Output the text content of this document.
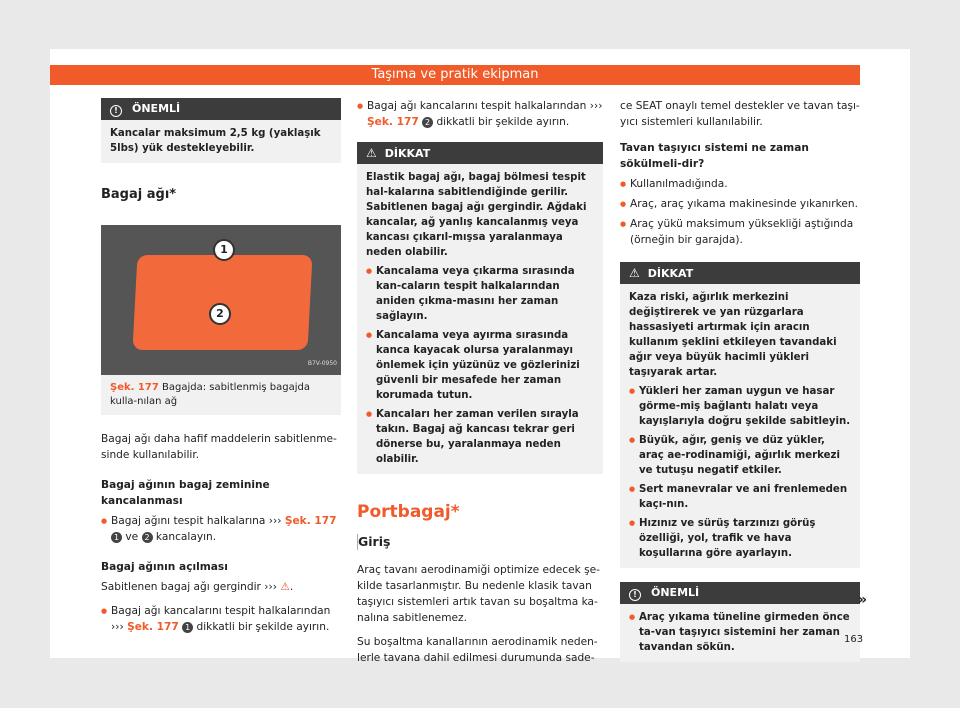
Taşıma ve pratik ekipman
! ÖNEMLİ
Kancalar maksimum 2,5 kg (yaklaşık 5lbs) yük destekleyebilir.
Bagaj ağı*
1
2
B7V-0950
Şek. 177 Bagajda: sabitlenmiş bagajda kulla-nılan ağ

Bagaj ağı daha hafif maddelerin sabitlenme-sinde kullanılabilir.

Bagaj ağının bagaj zeminine kancalanması
● Bagaj ağını tespit halkalarına ››› Şek. 177 1 ve 2 kancalayın.
Bagaj ağının açılması

Sabitlenen bagaj ağı gergindir ››› ⚠.

● Bagaj ağı kancalarını tespit halkalarından ››› Şek. 177 1 dikkatli bir şekilde ayırın.
● Bagaj ağı kancalarını tespit halkalarından ››› Şek. 177 2 dikkatli bir şekilde ayırın.
⚠ DİKKAT

Elastik bagaj ağı, bagaj bölmesi tespit hal-kalarına sabitlendiğinde gerilir. Sabitlenen bagaj ağı gergindir. Ağdaki kancalar, ağ yanlış kancalanmış veya kancası çıkarıl-mışsa yaralanmaya neden olabilir.

● Kancalama veya çıkarma sırasında kan-caların tespit halkalarından aniden çıkma-masını her zaman sağlayın.
● Kancalama veya ayırma sırasında kanca kayacak olursa yaralanmayı önlemek için yüzünüz ve gözlerinizi güvenli bir mesafede her zaman korumada tutun.
● Kancaları her zaman verilen sırayla takın. Bagaj ağ kancası tekrar geri dönerse bu, yaralanmaya neden olabilir.
Portbagaj*
Giriş

Araç tavanı aerodinamiği optimize edecek şe-kilde tasarlanmıştır. Bu nedenle klasik tavan taşıyıcı sistemleri artık tavan su boşaltma ka-nalına sabitlenemez.

Su boşaltma kanallarının aerodinamik neden-lerle tavana dahil edilmesi durumunda sade-

ce SEAT onaylı temel destekler ve tavan taşı-yıcı sistemleri kullanılabilir.

Tavan taşıyıcı sistemi ne zaman sökülmeli-dir?
● Kullanılmadığında.
● Araç, araç yıkama makinesinde yıkanırken.
● Araç yükü maksimum yüksekliği aştığında (örneğin bir garajda).
⚠ DİKKAT

Kaza riski, ağırlık merkezini değiştirerek ve yan rüzgarlara hassasiyeti artırmak için aracın kullanım şeklini etkileyen tavandaki ağır veya büyük hacimli yükleri taşıyarak artar.

● Yükleri her zaman uygun ve hasar görme-miş bağlantı halatı veya kayışlarıyla doğru şekilde sabitleyin.
● Büyük, ağır, geniş ve düz yükler, araç ae-rodinamiği, ağırlık merkezi ve tutuşu negatif etkiler.
● Sert manevralar ve ani frenlemeden kaçı-nın.
● Hızınız ve sürüş tarzınızı görüş özelliği, yol, trafik ve hava koşullarına göre ayarlayın.
! ÖNEMLİ
● Araç yıkama tüneline girmeden önce ta-van taşıyıcı sistemini her zaman tavandan sökün.
»
163
